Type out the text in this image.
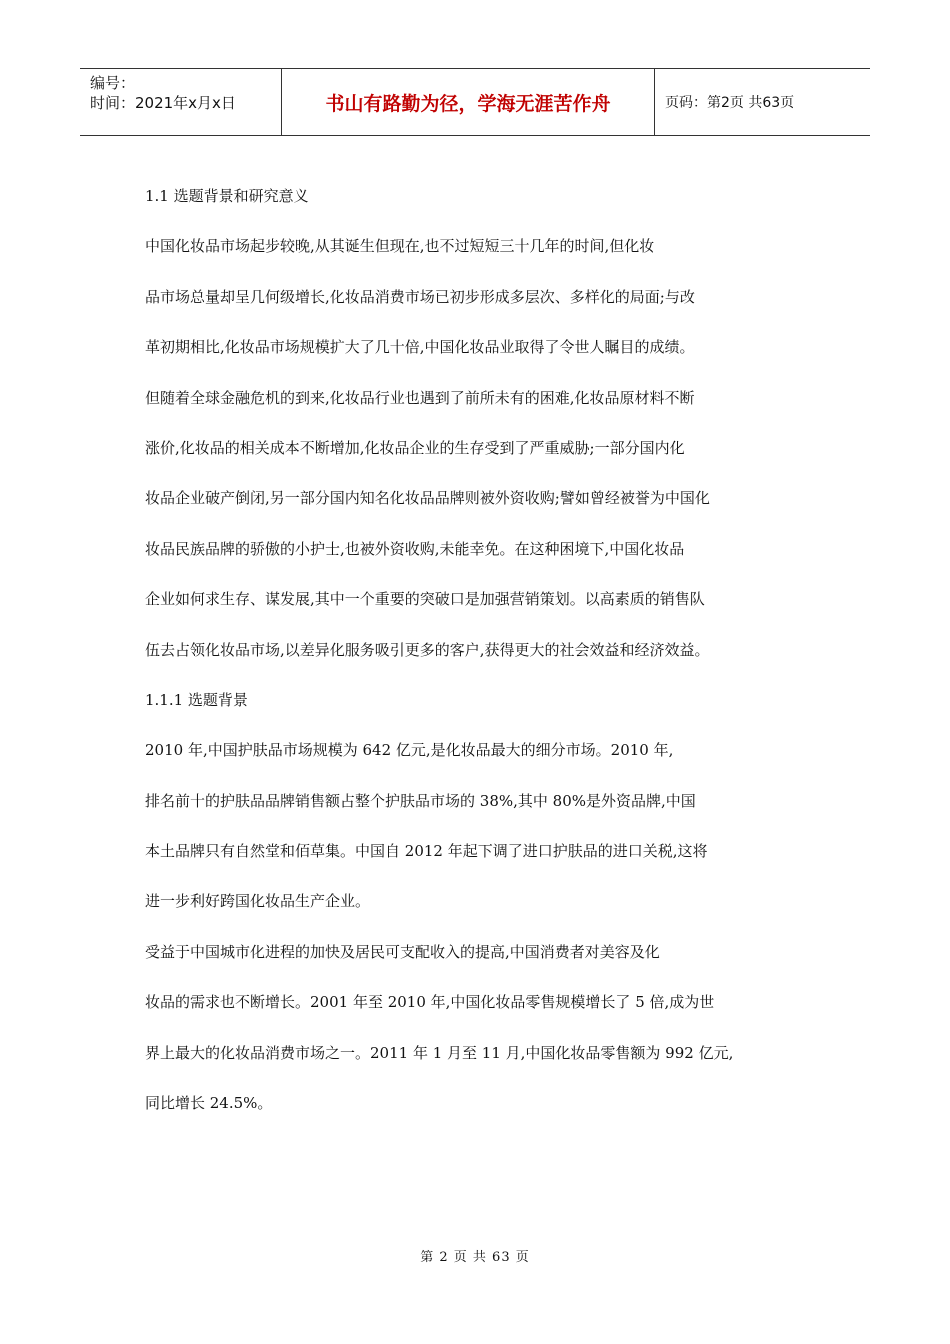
编号：
时间：2021年x月x日	书山有路勤为径，学海无涯苦作舟	页码：第2页 共63页
1.1 选题背景和研究意义
中国化妆品市场起步较晚,从其诞生但现在,也不过短短三十几年的时间,但化妆
品市场总量却呈几何级增长,化妆品消费市场已初步形成多层次、多样化的局面;与改
革初期相比,化妆品市场规模扩大了几十倍,中国化妆品业取得了令世人瞩目的成绩。
但随着全球金融危机的到来,化妆品行业也遇到了前所未有的困难,化妆品原材料不断
涨价,化妆品的相关成本不断增加,化妆品企业的生存受到了严重威胁;一部分国内化
妆品企业破产倒闭,另一部分国内知名化妆品品牌则被外资收购;譬如曾经被誉为中国化
妆品民族品牌的骄傲的小护士,也被外资收购,未能幸免。在这种困境下,中国化妆品
企业如何求生存、谋发展,其中一个重要的突破口是加强营销策划。以高素质的销售队
伍去占领化妆品市场,以差异化服务吸引更多的客户,获得更大的社会效益和经济效益。
1.1.1 选题背景
2010 年,中国护肤品市场规模为 642 亿元,是化妆品最大的细分市场。2010 年,
排名前十的护肤品品牌销售额占整个护肤品市场的 38%,其中 80%是外资品牌,中国
本土品牌只有自然堂和佰草集。中国自 2012 年起下调了进口护肤品的进口关税,这将
进一步利好跨国化妆品生产企业。
受益于中国城市化进程的加快及居民可支配收入的提高,中国消费者对美容及化
妆品的需求也不断增长。2001 年至 2010 年,中国化妆品零售规模增长了 5 倍,成为世
界上最大的化妆品消费市场之一。2011 年 1 月至 11 月,中国化妆品零售额为 992 亿元,
同比增长 24.5%。
第 2 页 共 63 页
